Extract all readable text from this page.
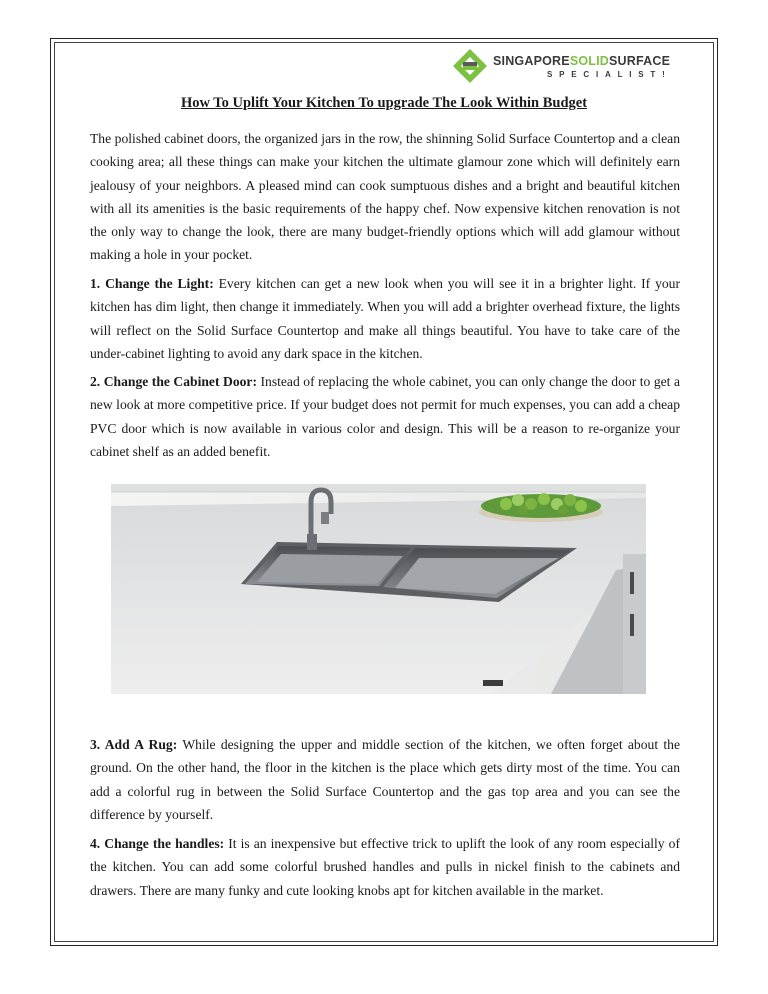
SINGAPORESOLIDSURFACE
SPECIALIST!
How To Uplift Your Kitchen To upgrade The Look Within Budget

The polished cabinet doors, the organized jars in the row, the shinning Solid Surface Countertop and a clean cooking area; all these things can make your kitchen the ultimate glamour zone which will definitely earn jealousy of your neighbors. A pleased mind can cook sumptuous dishes and a bright and beautiful kitchen with all its amenities is the basic requirements of the happy chef. Now expensive kitchen renovation is not the only way to change the look, there are many budget-friendly options which will add glamour without making a hole in your pocket.

1. Change the Light: Every kitchen can get a new look when you will see it in a brighter light. If your kitchen has dim light, then change it immediately. When you will add a brighter overhead fixture, the lights will reflect on the Solid Surface Countertop and make all things beautiful. You have to take care of the under-cabinet lighting to avoid any dark space in the kitchen.

2. Change the Cabinet Door: Instead of replacing the whole cabinet, you can only change the door to get a new look at more competitive price. If your budget does not permit for much expenses, you can add a cheap PVC door which is now available in various color and design. This will be a reason to re-organize your cabinet shelf as an added benefit.

3. Add A Rug: While designing the upper and middle section of the kitchen, we often forget about the ground. On the other hand, the floor in the kitchen is the place which gets dirty most of the time. You can add a colorful rug in between the Solid Surface Countertop and the gas top area and you can see the difference by yourself.

4. Change the handles: It is an inexpensive but effective trick to uplift the look of any room especially of the kitchen. You can add some colorful brushed handles and pulls in nickel finish to the cabinets and drawers. There are many funky and cute looking knobs apt for kitchen available in the market.
